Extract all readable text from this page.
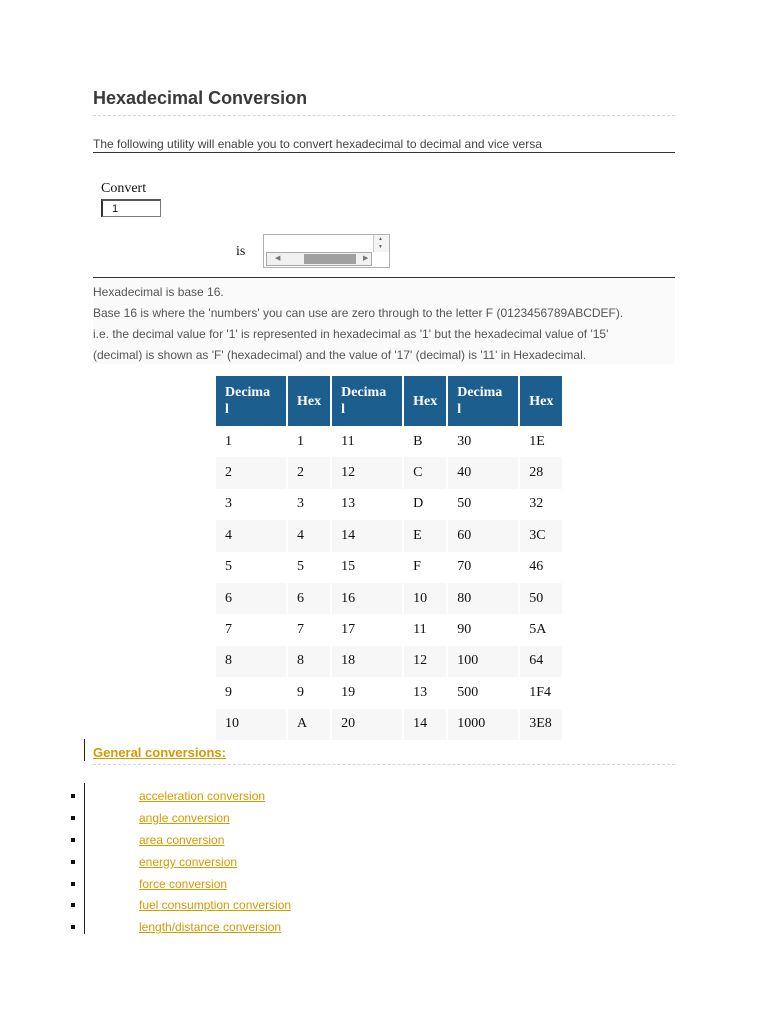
Hexadecimal Conversion
The following utility will enable you to convert hexadecimal to decimal and vice versa
Convert
1
is
▲
▼
◀	▶

Hexadecimal is base 16.

Base 16 is where the 'numbers' you can use are zero through to the letter F (0123456789ABCDEF).

i.e. the decimal value for '1' is represented in hexadecimal as '1' but the hexadecimal value of '15'

(decimal) is shown as 'F' (hexadecimal) and the value of '17' (decimal) is '11' in Hexadecimal.

Decima l	Hex	Decima l	Hex	Decima l	Hex
1	1	11	B	30	1E
2	2	12	C	40	28
3	3	13	D	50	32
4	4	14	E	60	3C
5	5	15	F	70	46
6	6	16	10	80	50
7	7	17	11	90	5A
8	8	18	12	100	64
9	9	19	13	500	1F4
10	A	20	14	1000	3E8
General conversions:
acceleration conversion
angle conversion
area conversion
energy conversion
force conversion
fuel consumption conversion
length/distance conversion
